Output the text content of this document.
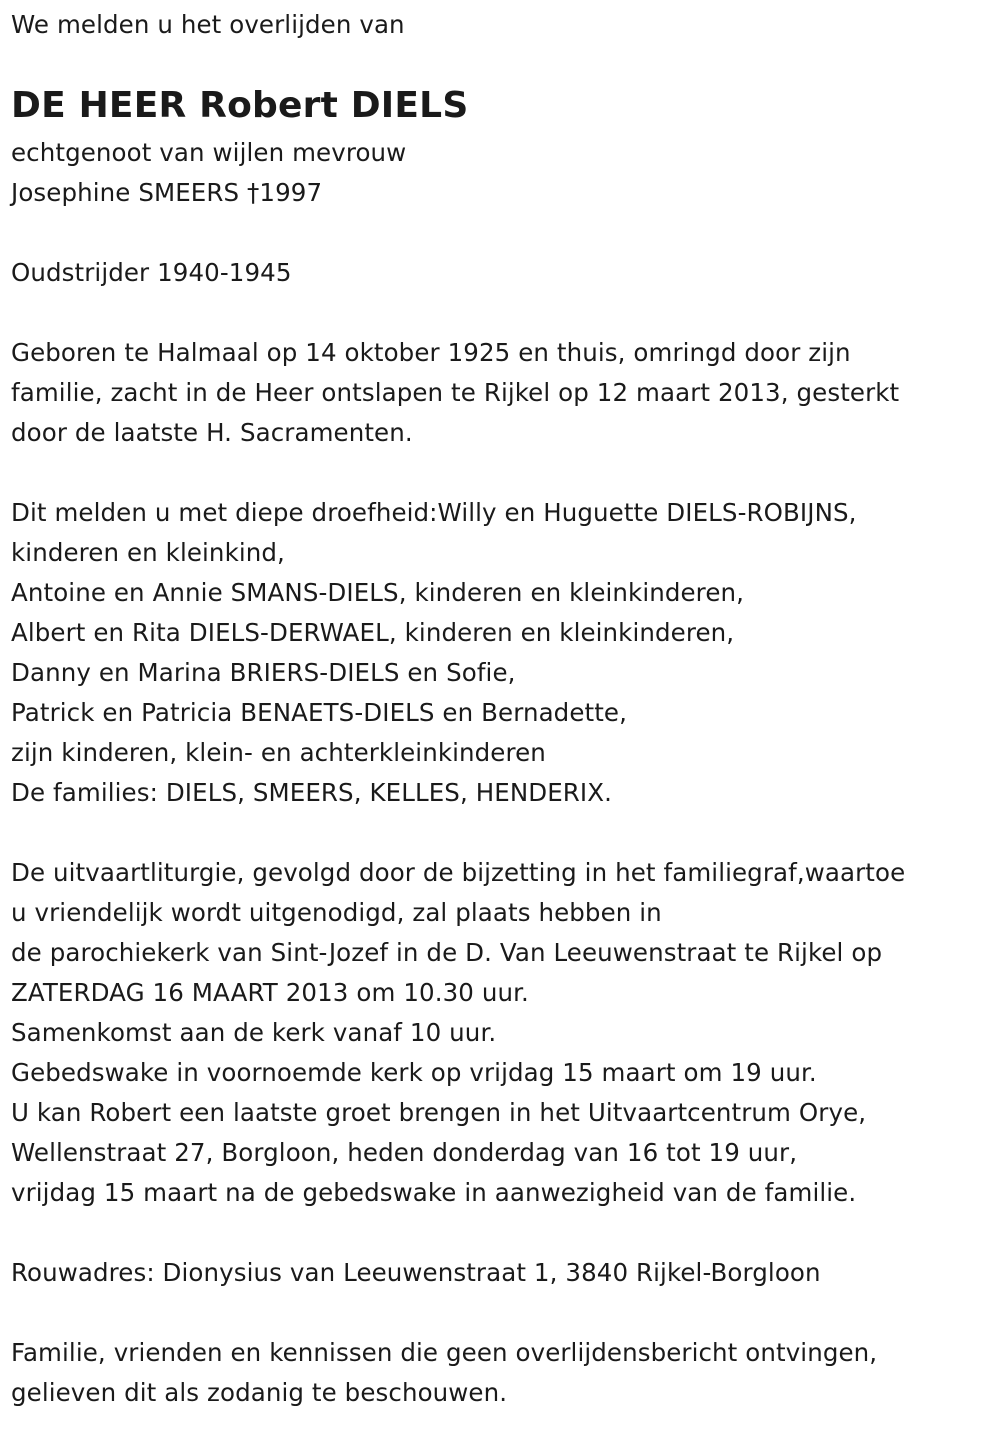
We melden u het overlijden van
DE HEER Robert DIELS
echtgenoot van wijlen mevrouw
Josephine SMEERS †1997
Oudstrijder 1940-1945
Geboren te Halmaal op 14 oktober 1925 en thuis, omringd door zijn
familie, zacht in de Heer ontslapen te Rijkel op 12 maart 2013, gesterkt
door de laatste H. Sacramenten.
Dit melden u met diepe droefheid:Willy en Huguette DIELS-ROBIJNS,
kinderen en kleinkind,
Antoine en Annie SMANS-DIELS, kinderen en kleinkinderen,
Albert en Rita DIELS-DERWAEL, kinderen en kleinkinderen,
Danny en Marina BRIERS-DIELS en Sofie,
Patrick en Patricia BENAETS-DIELS en Bernadette,
zijn kinderen, klein- en achterkleinkinderen
De families: DIELS, SMEERS, KELLES, HENDERIX.
De uitvaartliturgie, gevolgd door de bijzetting in het familiegraf,waartoe
u vriendelijk wordt uitgenodigd, zal plaats hebben in
de parochiekerk van Sint-Jozef in de D. Van Leeuwenstraat te Rijkel op
ZATERDAG 16 MAART 2013 om 10.30 uur.
Samenkomst aan de kerk vanaf 10 uur.
Gebedswake in voornoemde kerk op vrijdag 15 maart om 19 uur.
U kan Robert een laatste groet brengen in het Uitvaartcentrum Orye,
Wellenstraat 27, Borgloon, heden donderdag van 16 tot 19 uur,
vrijdag 15 maart na de gebedswake in aanwezigheid van de familie.
Rouwadres: Dionysius van Leeuwenstraat 1, 3840 Rijkel-Borgloon
Familie, vrienden en kennissen die geen overlijdensbericht ontvingen,
gelieven dit als zodanig te beschouwen.
